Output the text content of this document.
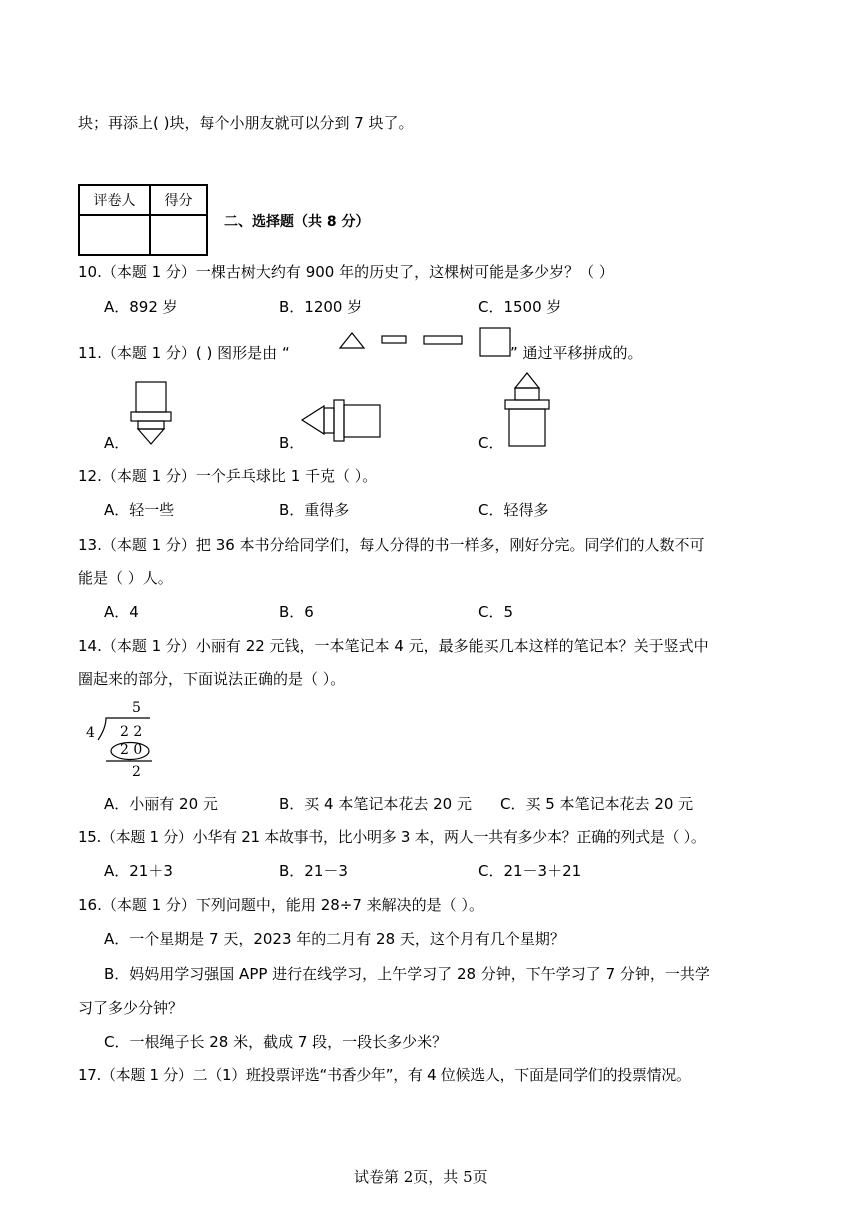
块；再添上( )块，每个小朋友就可以分到 7 块了。
评卷人	得分

二、选择题（共 8 分）
10.（本题 1 分）一棵古树大约有 900 年的历史了，这棵树可能是多少岁？（ ）
A．892 岁	B．1200 岁	C．1500 岁
11.（本题 1 分）( ) 图形是由 “	” 通过平移拼成的。
A．	B．	C．
12.（本题 1 分）一个乒乓球比 1 千克（ ）。
A．轻一些	B．重得多	C．轻得多
13.（本题 1 分）把 36 本书分给同学们，每人分得的书一样多，刚好分完。同学们的人数不可
能是（ ）人。
A．4	B．6	C．5
14.（本题 1 分）小丽有 22 元钱，一本笔记本 4 元，最多能买几本这样的笔记本？关于竖式中
圈起来的部分，下面说法正确的是（ ）。
5
4 2 2
2 0
2
A．小丽有 20 元	B．买 4 本笔记本花去 20 元 C．买 5 本笔记本花去 20 元
15.（本题 1 分）小华有 21 本故事书，比小明多 3 本，两人一共有多少本？正确的列式是（ ）。
A．21＋3	B．21－3	C．21－3＋21
16.（本题 1 分）下列问题中，能用 28÷7 来解决的是（ ）。
A．一个星期是 7 天，2023 年的二月有 28 天，这个月有几个星期？
B．妈妈用学习强国 APP 进行在线学习，上午学习了 28 分钟，下午学习了 7 分钟，一共学
习了多少分钟？
C．一根绳子长 28 米，截成 7 段，一段长多少米？
17.（本题 1 分）二（1）班投票评选“书香少年”，有 4 位候选人，下面是同学们的投票情况。
试卷第 2页，共 5页
